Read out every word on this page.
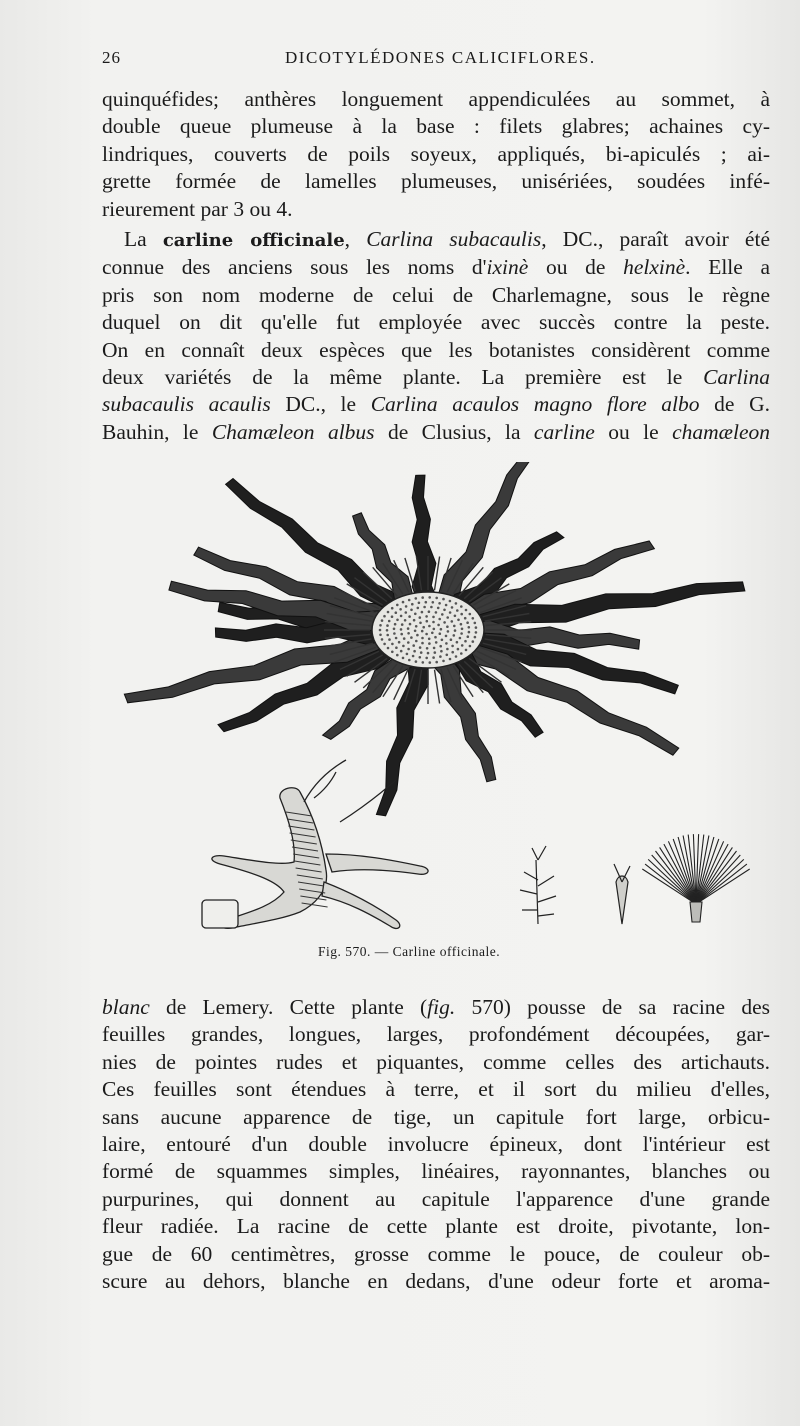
26	DICOTYLÉDONES CALICIFLORES.
quinquéfides; anthères longuement appendiculées au sommet, à
double queue plumeuse à la base : filets glabres; achaines cy-
lindriques, couverts de poils soyeux, appliqués, bi-apiculés ; ai-
grette formée de lamelles plumeuses, unisériées, soudées infé-
rieurement par 3 ou 4.
La carline officinale, Carlina subacaulis, DC., paraît avoir été
connue des anciens sous les noms d'ixinè ou de helxinè. Elle a
pris son nom moderne de celui de Charlemagne, sous le règne
duquel on dit qu'elle fut employée avec succès contre la peste.
On en connaît deux espèces que les botanistes considèrent comme
deux variétés de la même plante. La première est le Carlina
subacaulis acaulis DC., le Carlina acaulos magno flore albo de G.
Bauhin, le Chamæleon albus de Clusius, la carline ou le chamæleon
Fig. 570. — Carline officinale.
blanc de Lemery. Cette plante (fig. 570) pousse de sa racine des
feuilles grandes, longues, larges, profondément découpées, gar-
nies de pointes rudes et piquantes, comme celles des artichauts.
Ces feuilles sont étendues à terre, et il sort du milieu d'elles,
sans aucune apparence de tige, un capitule fort large, orbicu-
laire, entouré d'un double involucre épineux, dont l'intérieur est
formé de squammes simples, linéaires, rayonnantes, blanches ou
purpurines, qui donnent au capitule l'apparence d'une grande
fleur radiée. La racine de cette plante est droite, pivotante, lon-
gue de 60 centimètres, grosse comme le pouce, de couleur ob-
scure au dehors, blanche en dedans, d'une odeur forte et aroma-
